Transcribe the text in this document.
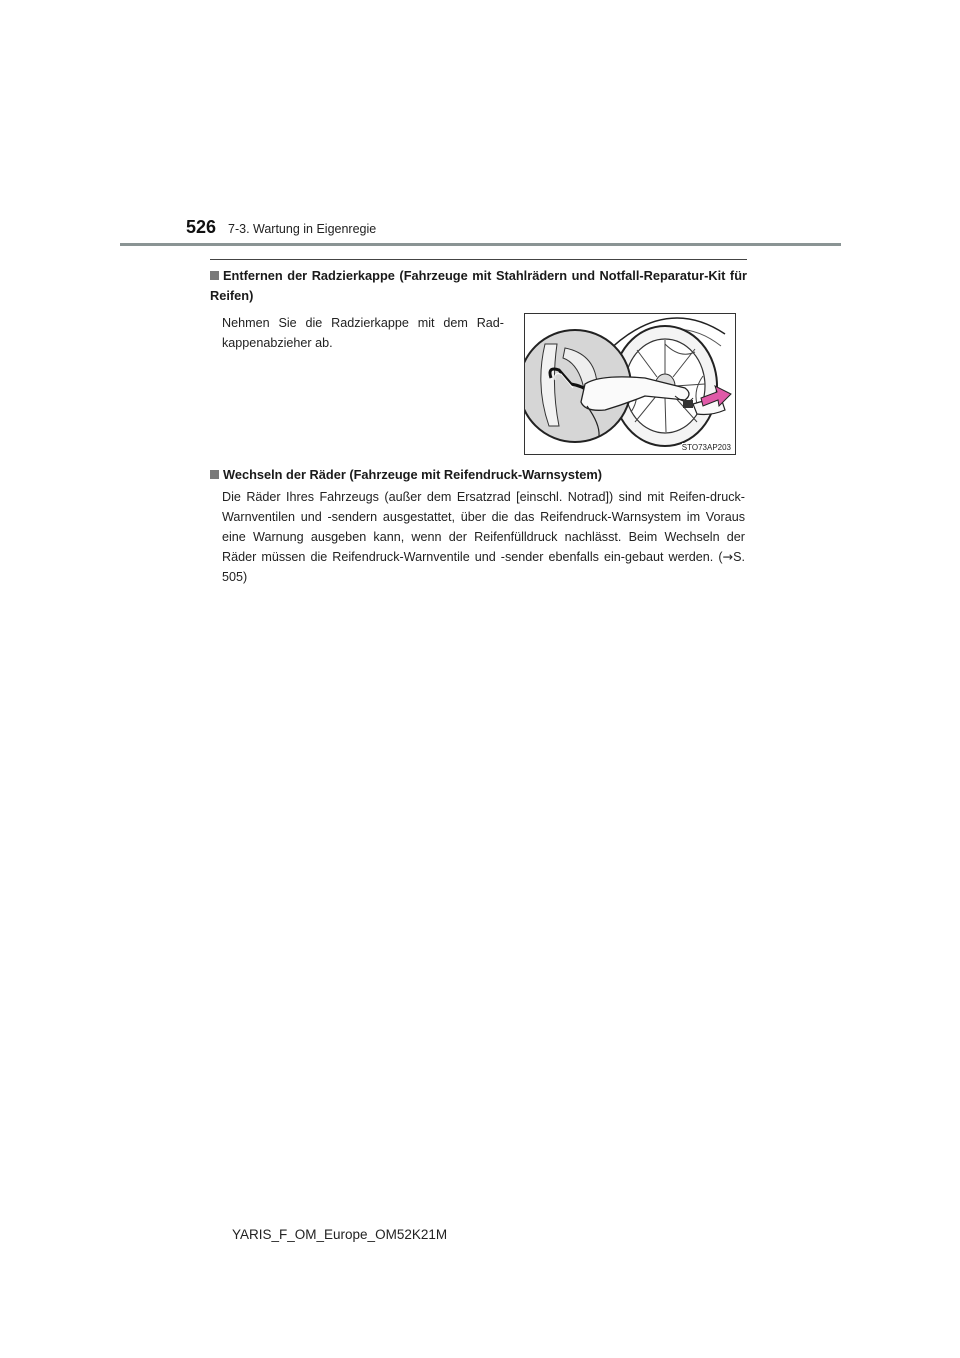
526 7-3. Wartung in Eigenregie
Entfernen der Radzierkappe (Fahrzeuge mit Stahlrädern und Notfall-Reparatur-Kit für Reifen)
Nehmen Sie die Radzierkappe mit dem Rad-kappenabzieher ab.
STO73AP203
Wechseln der Räder (Fahrzeuge mit Reifendruck-Warnsystem)
Die Räder Ihres Fahrzeugs (außer dem Ersatzrad [einschl. Notrad]) sind mit Reifen-druck-Warnventilen und -sendern ausgestattet, über die das Reifendruck-Warnsystem im Voraus eine Warnung ausgeben kann, wenn der Reifenfülldruck nachlässt. Beim Wechseln der Räder müssen die Reifendruck-Warnventile und -sender ebenfalls ein-gebaut werden. (→S. 505)
YARIS_F_OM_Europe_OM52K21M
